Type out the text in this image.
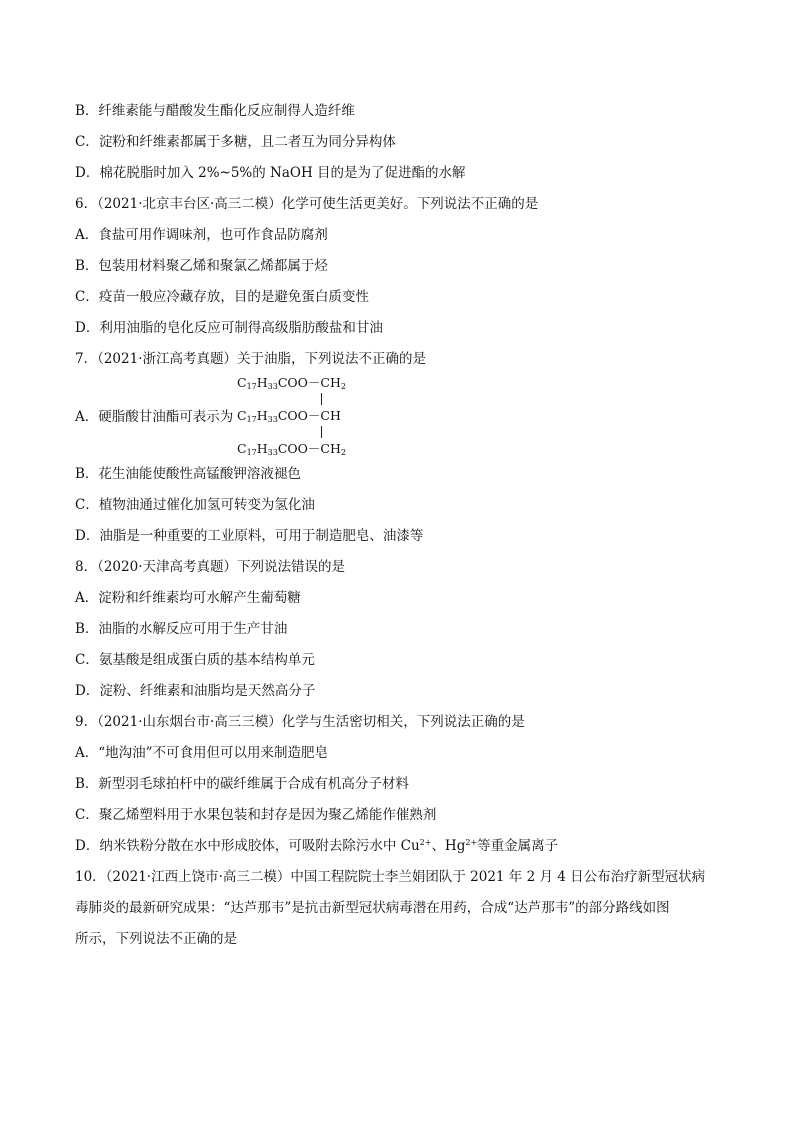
B．纤维素能与醋酸发生酯化反应制得人造纤维
C．淀粉和纤维素都属于多糖，且二者互为同分异构体
D．棉花脱脂时加入 2%~5%的 NaOH 目的是为了促进酯的水解
6．（2021·北京丰台区·高三二模）化学可使生活更美好。下列说法不正确的是
A．食盐可用作调味剂，也可作食品防腐剂
B．包装用材料聚乙烯和聚氯乙烯都属于烃
C．疫苗一般应冷藏存放，目的是避免蛋白质变性
D．利用油脂的皂化反应可制得高级脂肪酸盐和甘油
7．（2021·浙江高考真题）关于油脂，下列说法不正确的是
A．硬脂酸甘油酯可表示为
$C_{17}H_{33}COO-CH_2$
$C_{17}H_{33}COO-CH$
$C_{17}H_{33}COO-CH_2$
B．花生油能使酸性高锰酸钾溶液褪色
C．植物油通过催化加氢可转变为氢化油
D．油脂是一种重要的工业原料，可用于制造肥皂、油漆等
8．（2020·天津高考真题）下列说法错误的是
A．淀粉和纤维素均可水解产生葡萄糖
B．油脂的水解反应可用于生产甘油
C．氨基酸是组成蛋白质的基本结构单元
D．淀粉、纤维素和油脂均是天然高分子
9．（2021·山东烟台市·高三三模）化学与生活密切相关，下列说法正确的是
A．“地沟油”不可食用但可以用来制造肥皂
B．新型羽毛球拍杆中的碳纤维属于合成有机高分子材料
C．聚乙烯塑料用于水果包装和封存是因为聚乙烯能作催熟剂
D．纳米铁粉分散在水中形成胶体，可吸附去除污水中 $Cu^{2+}$、$Hg^{2+}$等重金属离子
10．（2021·江西上饶市·高三二模）中国工程院院士李兰娟团队于 2021 年 2 月 4 日公布治疗新型冠状病
毒肺炎的最新研究成果：“达芦那韦”是抗击新型冠状病毒潜在用药，合成“达芦那韦”的部分路线如图
所示，下列说法不正确的是
